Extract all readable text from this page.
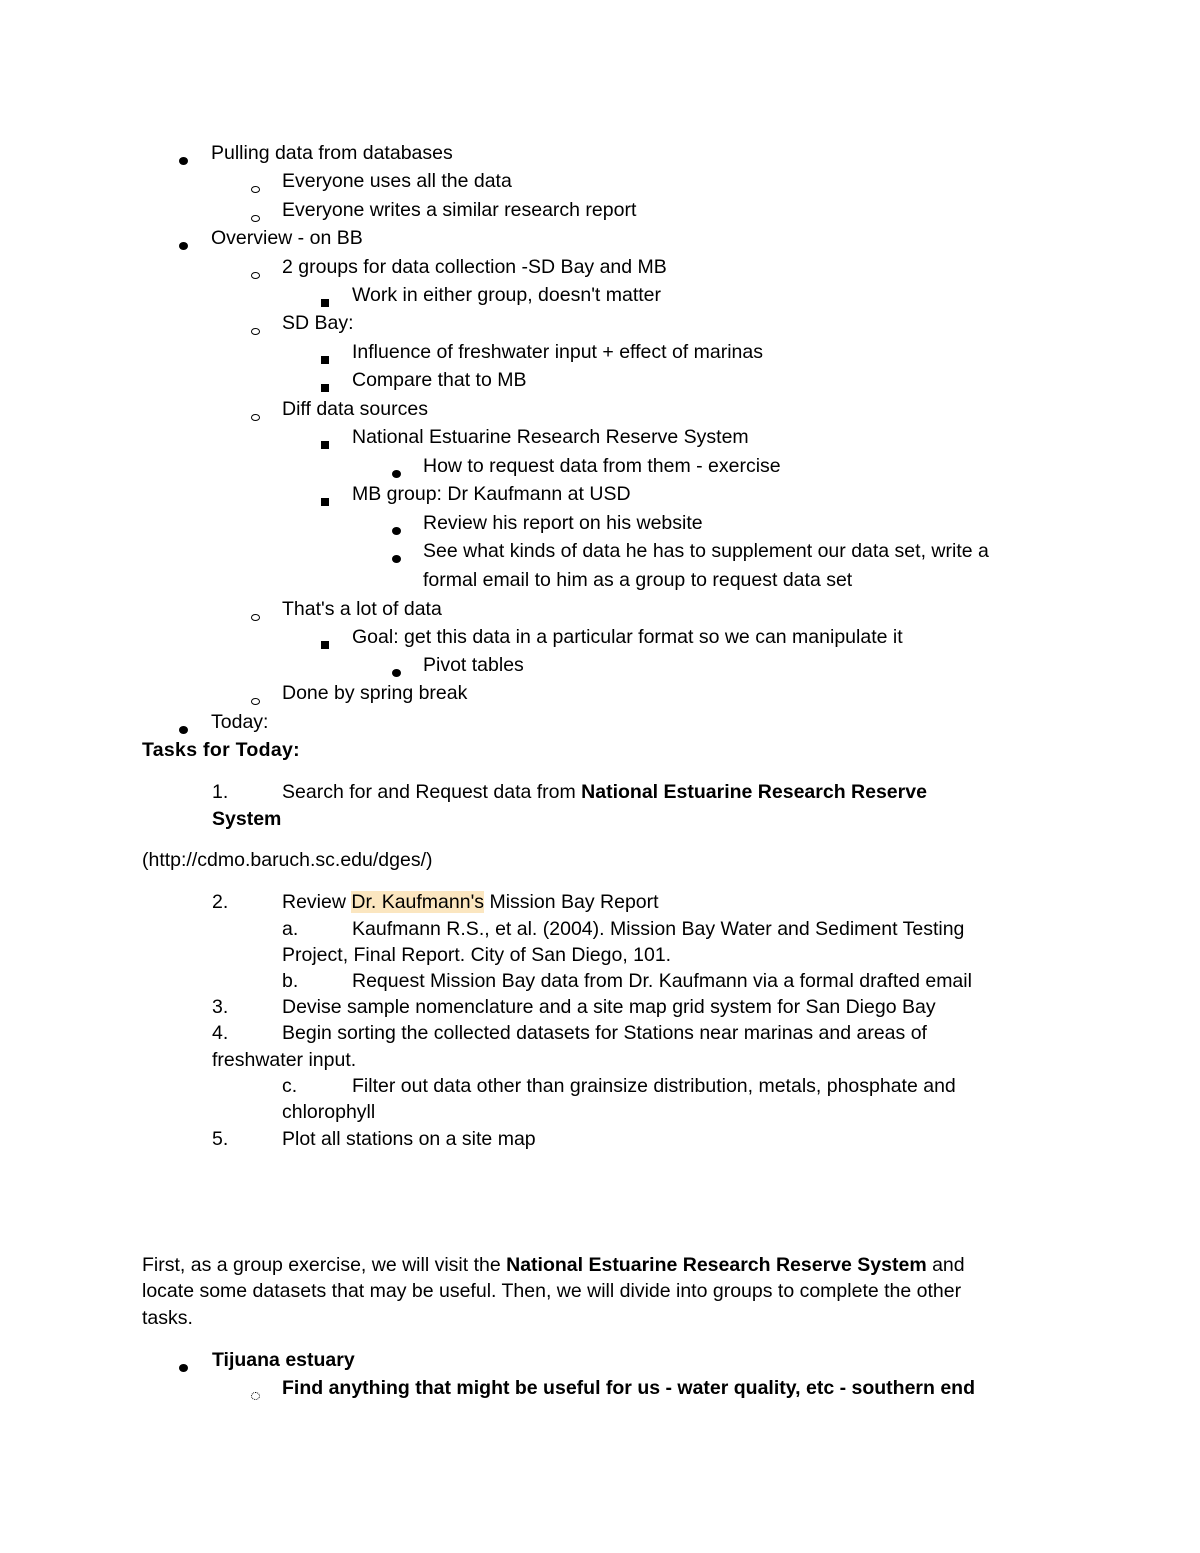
Pulling data from databases
Everyone uses all the data
Everyone writes a similar research report
Overview - on BB
2 groups for data collection -SD Bay and MB
Work in either group, doesn't matter
SD Bay:
Influence of freshwater input + effect of marinas
Compare that to MB
Diff data sources
National Estuarine Research Reserve System
How to request data from them - exercise
MB group: Dr Kaufmann at USD
Review his report on his website
See what kinds of data he has to supplement our data set, write a
formal email to him as a group to request data set
That's a lot of data
Goal: get this data in a particular format so we can manipulate it
Pivot tables
Done by spring break
Today:
Tasks for Today:
1.	Search for and Request data from National Estuarine Research Reserve
System
(http://cdmo.baruch.sc.edu/dges/)
2.	Review Dr. Kaufmann's Mission Bay Report
a.	Kaufmann R.S., et al. (2004). Mission Bay Water and Sediment Testing
Project, Final Report. City of San Diego, 101.
b.	Request Mission Bay data from Dr. Kaufmann via a formal drafted email
3.	Devise sample nomenclature and a site map grid system for San Diego Bay
4.	Begin sorting the collected datasets for Stations near marinas and areas of
freshwater input.
c.	Filter out data other than grainsize distribution, metals, phosphate and
chlorophyll
5.	Plot all stations on a site map
First, as a group exercise, we will visit the National Estuarine Research Reserve System and
locate some datasets that may be useful. Then, we will divide into groups to complete the other
tasks.
Tijuana estuary
Find anything that might be useful for us - water quality, etc - southern end
